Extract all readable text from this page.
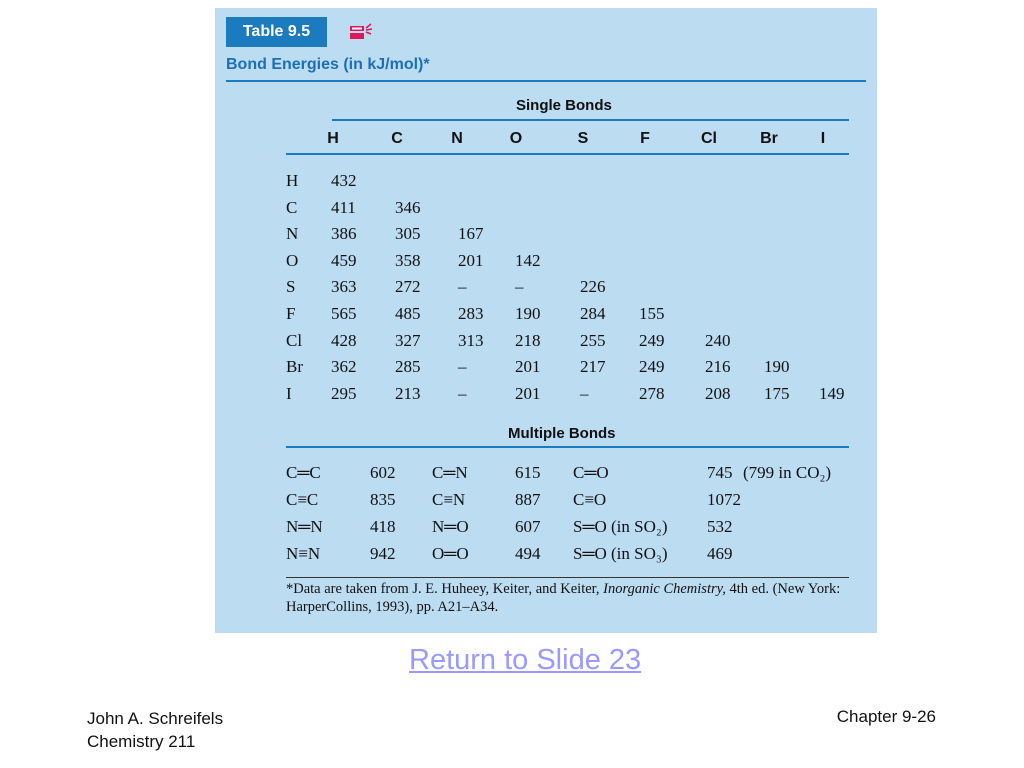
Table 9.5
Bond Energies (in kJ/mol)*
Single Bonds
H	C	N	O	S	F	Cl	Br	I
H 432
C 411 346
N 386 305 167
O 459 358 201 142
S 363 272 –	–	226
F 565 485 283 190 284 155
Cl 428 327 313 218 255 249 240
Br 362 285 –	201 217 249 216 190
I 295 213 –	201 –	278 208 175 149
Multiple Bonds
C═C	602 C═N	615 C═O	745 (799 in CO₂)
C≡C	835 C≡N	887 C≡O	1072
N═N	418 N═O	607 S═O (in SO₂) 532
N≡N	942 O═O	494 S═O (in SO₃) 469
*Data are taken from J. E. Huheey, Keiter, and Keiter, Inorganic Chemistry, 4th ed. (New York: HarperCollins, 1993), pp. A21–A34.
Return to Slide 23
John A. Schreifels
Chemistry 211
Chapter 9-26
